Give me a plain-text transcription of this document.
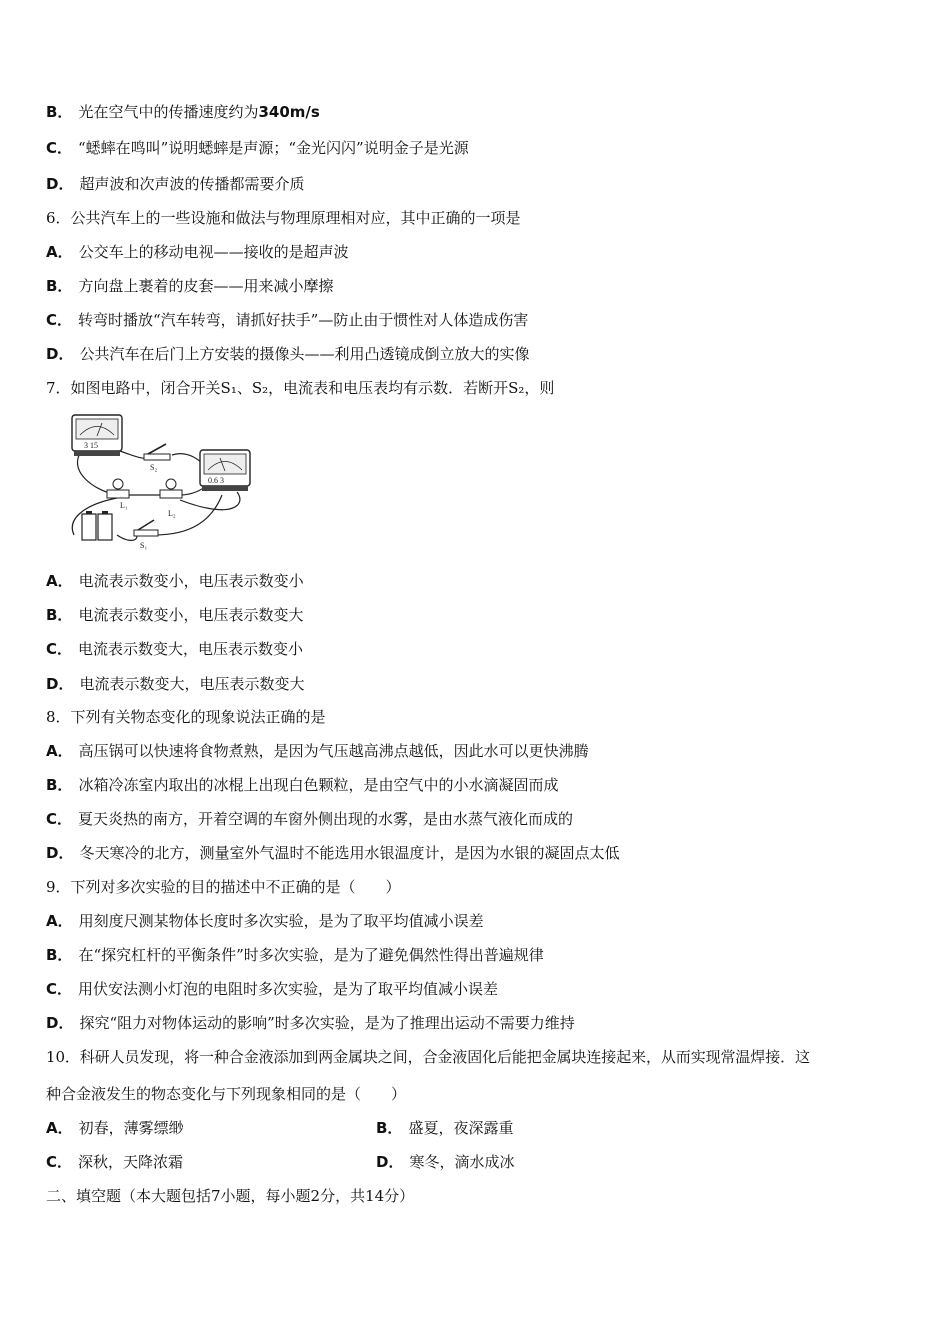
B． 光在空气中的传播速度约为340m/s
C． “蟋蟀在鸣叫”说明蟋蟀是声源；“金光闪闪”说明金子是光源
D． 超声波和次声波的传播都需要介质
6．公共汽车上的一些设施和做法与物理原理相对应，其中正确的一项是
A． 公交车上的移动电视——接收的是超声波
B． 方向盘上裹着的皮套——用来减小摩擦
C． 转弯时播放“汽车转弯，请抓好扶手”—防止由于惯性对人体造成伤害
D． 公共汽车在后门上方安装的摄像头——利用凸透镜成倒立放大的实像
7．如图电路中，闭合开关S₁、S₂，电流表和电压表均有示数．若断开S₂，则
3 15
0.6 3
S₂
L₁
L₂
S₁
A． 电流表示数变小，电压表示数变小
B． 电流表示数变小，电压表示数变大
C． 电流表示数变大，电压表示数变小
D． 电流表示数变大，电压表示数变大
8．下列有关物态变化的现象说法正确的是
A． 高压锅可以快速将食物煮熟，是因为气压越高沸点越低，因此水可以更快沸腾
B． 冰箱冷冻室内取出的冰棍上出现白色颗粒，是由空气中的小水滴凝固而成
C． 夏天炎热的南方，开着空调的车窗外侧出现的水雾，是由水蒸气液化而成的
D． 冬天寒冷的北方，测量室外气温时不能选用水银温度计，是因为水银的凝固点太低
9．下列对多次实验的目的描述中不正确的是（　　）
A． 用刻度尺测某物体长度时多次实验，是为了取平均值减小误差
B． 在“探究杠杆的平衡条件”时多次实验，是为了避免偶然性得出普遍规律
C． 用伏安法测小灯泡的电阻时多次实验，是为了取平均值减小误差
D． 探究“阻力对物体运动的影响”时多次实验，是为了推理出运动不需要力维持
10．科研人员发现，将一种合金液添加到两金属块之间，合金液固化后能把金属块连接起来，从而实现常温焊接．这
种合金液发生的物态变化与下列现象相同的是（　　）
A． 初春，薄雾缥缈	B． 盛夏，夜深露重
C． 深秋，天降浓霜	D． 寒冬，滴水成冰
二、填空题（本大题包括7小题，每小题2分，共14分）
